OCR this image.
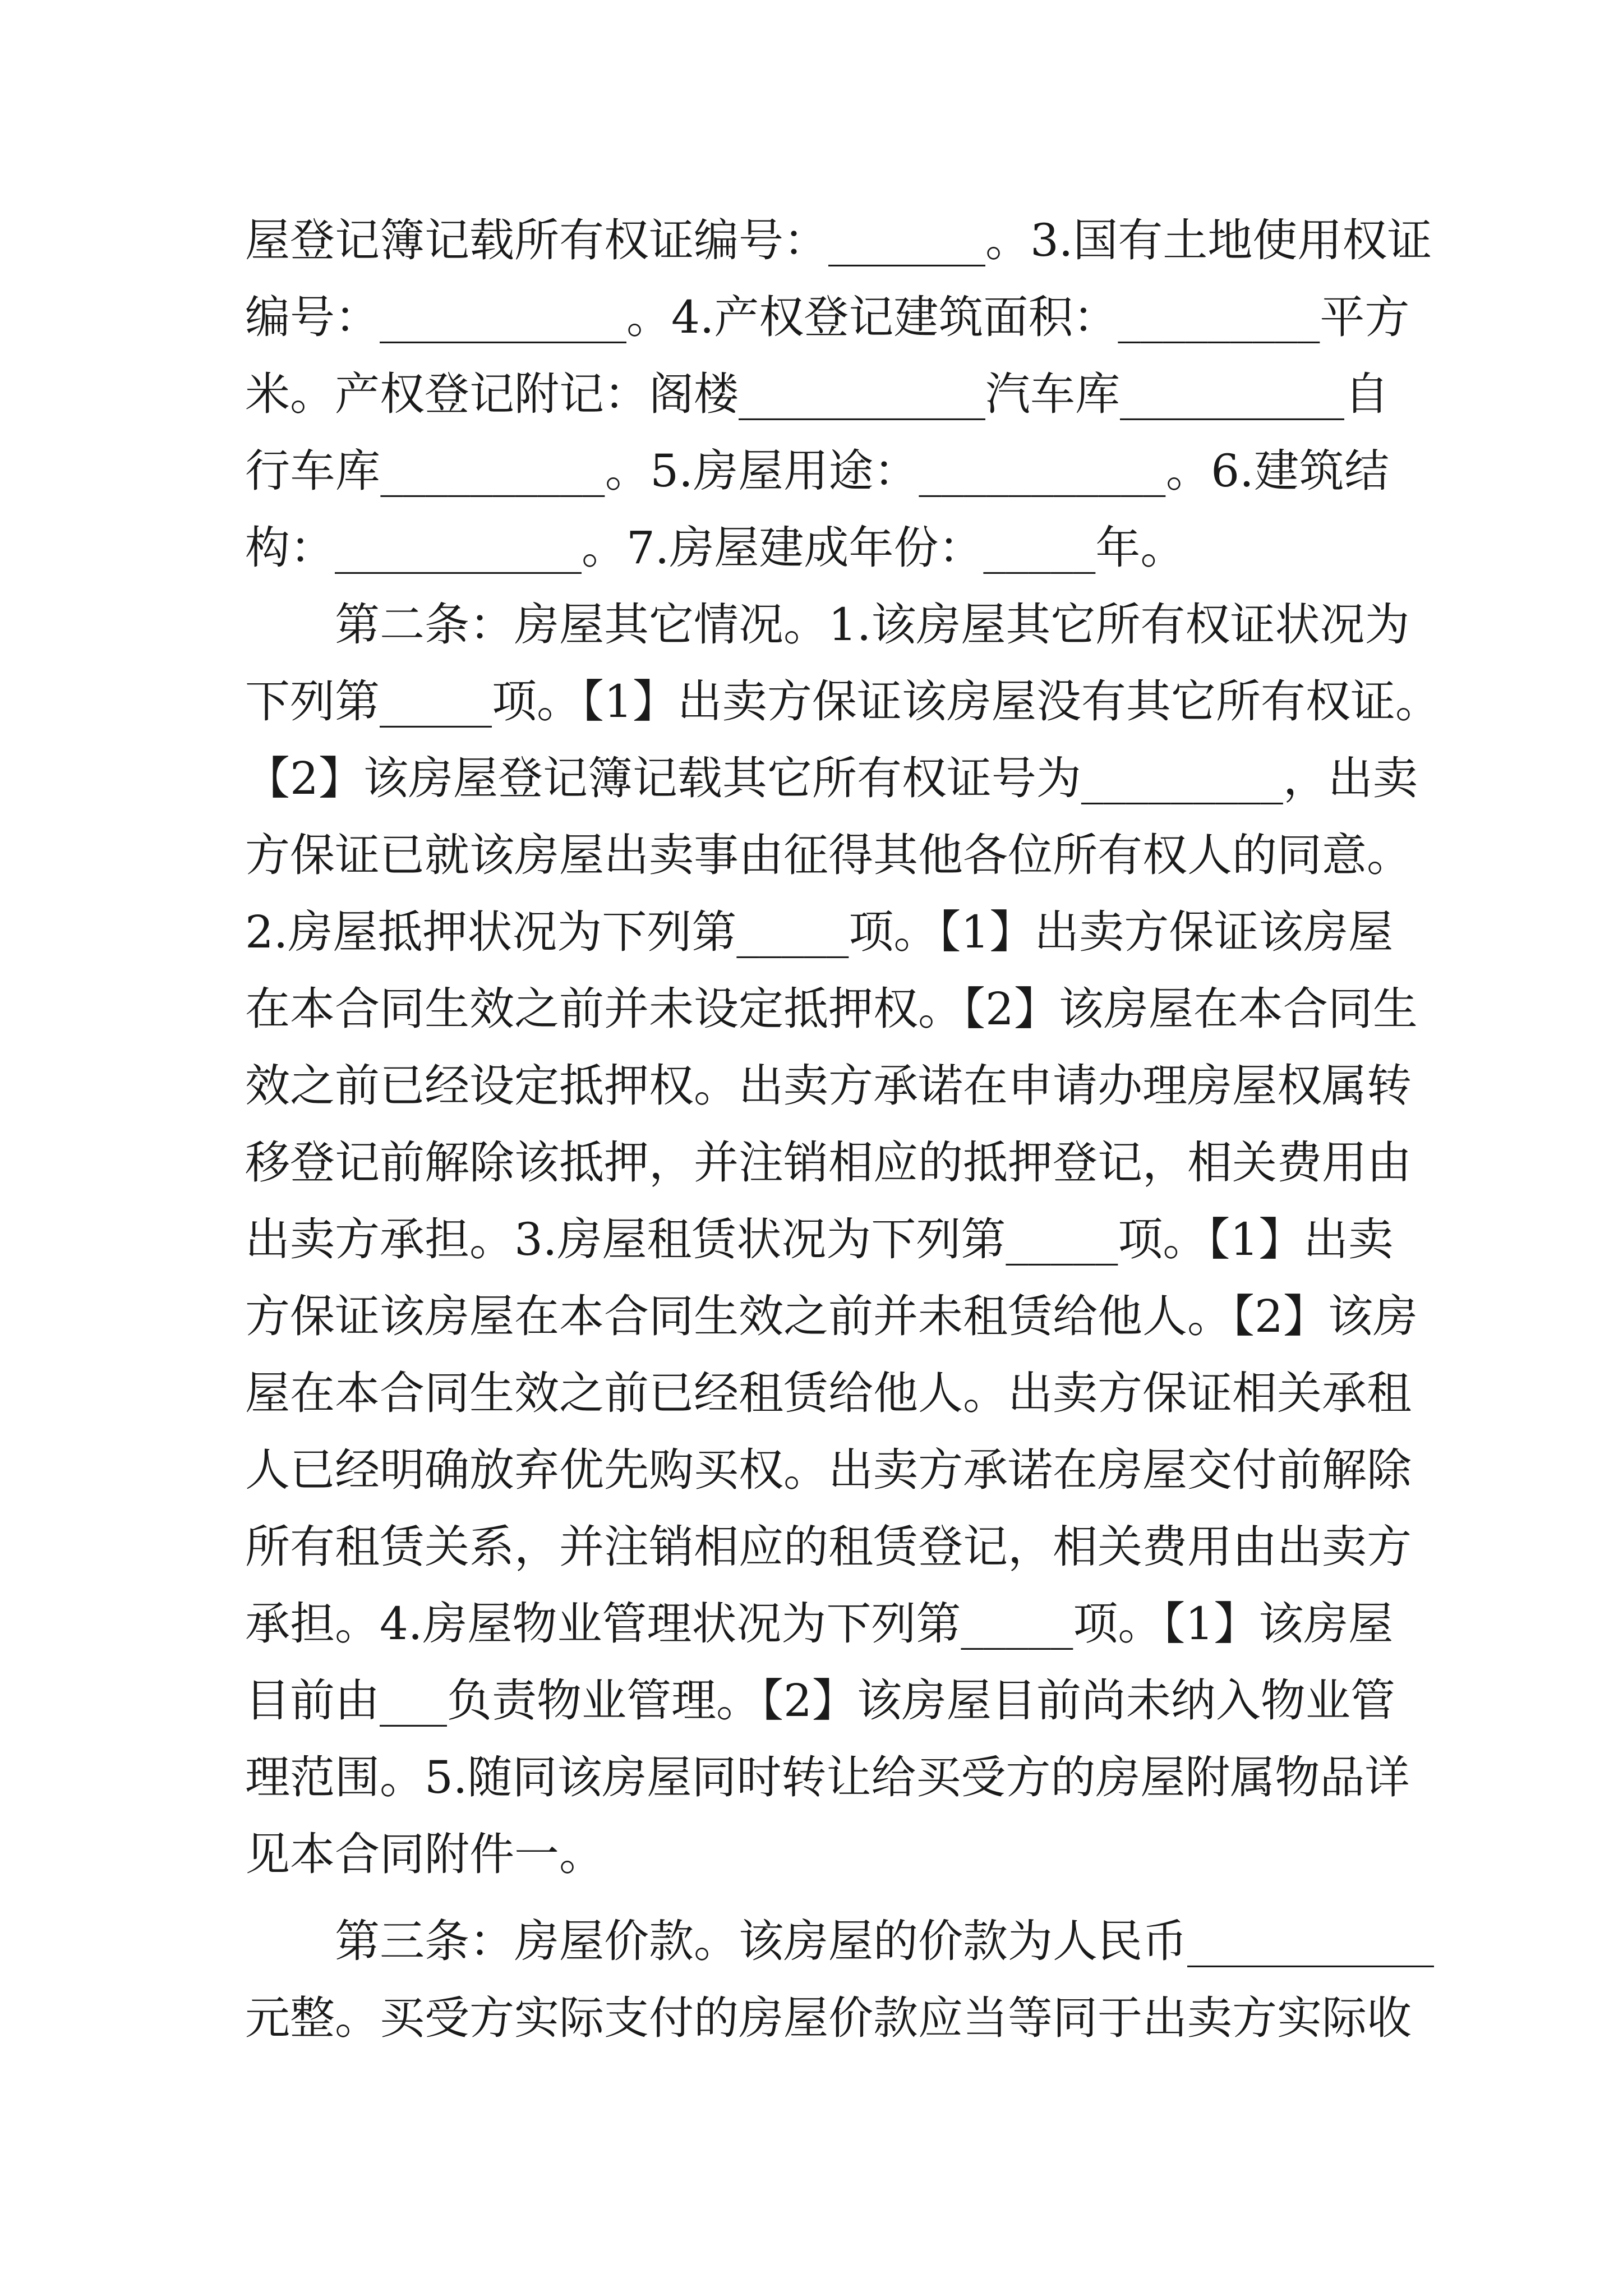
屋登记簿记载所有权证编号：_______。3.国有土地使用权证
编号：___________。4.产权登记建筑面积：_________平方
米。产权登记附记：阁楼___________汽车库__________自
行车库__________。5.房屋用途：___________。6.建筑结
构：___________。7.房屋建成年份：_____年。
　　第二条：房屋其它情况。1.该房屋其它所有权证状况为
下列第_____项。【1】出卖方保证该房屋没有其它所有权证。
【2】该房屋登记簿记载其它所有权证号为_________，出卖
方保证已就该房屋出卖事由征得其他各位所有权人的同意。
2.房屋抵押状况为下列第_____项。【1】出卖方保证该房屋
在本合同生效之前并未设定抵押权。【2】该房屋在本合同生
效之前已经设定抵押权。出卖方承诺在申请办理房屋权属转
移登记前解除该抵押，并注销相应的抵押登记，相关费用由
出卖方承担。3.房屋租赁状况为下列第_____项。【1】出卖
方保证该房屋在本合同生效之前并未租赁给他人。【2】该房
屋在本合同生效之前已经租赁给他人。出卖方保证相关承租
人已经明确放弃优先购买权。出卖方承诺在房屋交付前解除
所有租赁关系，并注销相应的租赁登记，相关费用由出卖方
承担。4.房屋物业管理状况为下列第_____项。【1】该房屋
目前由___负责物业管理。【2】该房屋目前尚未纳入物业管
理范围。5.随同该房屋同时转让给买受方的房屋附属物品详
见本合同附件一。
　　第三条：房屋价款。该房屋的价款为人民币___________
元整。买受方实际支付的房屋价款应当等同于出卖方实际收
